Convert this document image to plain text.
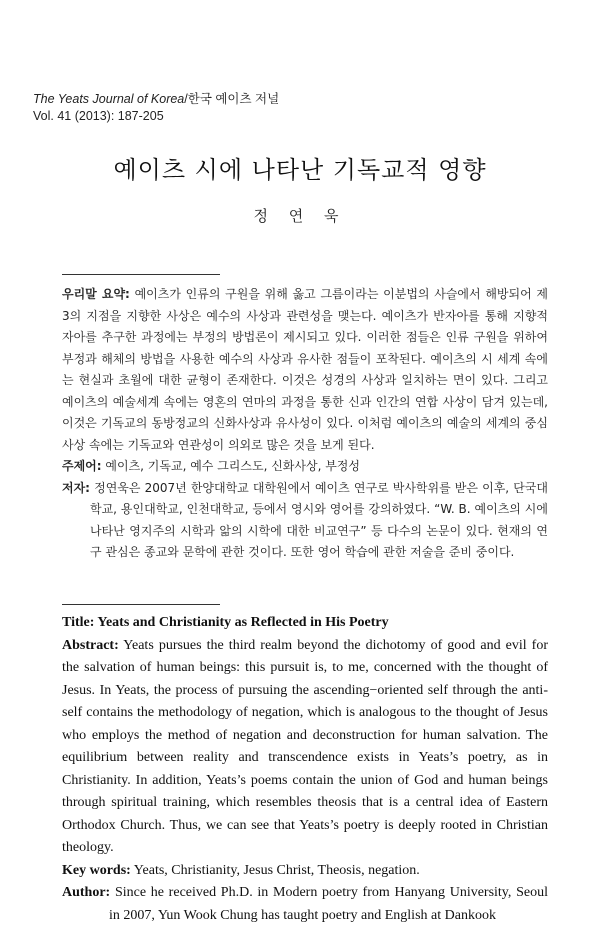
The Yeats Journal of Korea/한국 예이츠 저널
Vol. 41 (2013): 187-205
예이츠 시에 나타난 기독교적 영향
정 연 욱

우리말 요약: 예이츠가 인류의 구원을 위해 옳고 그름이라는 이분법의 사슬에서 해방되어 제 3의 지점을 지향한 사상은 예수의 사상과 관련성을 맺는다. 예이츠가 반자아를 통해 지향적 자아를 추구한 과정에는 부정의 방법론이 제시되고 있다. 이러한 점들은 인류 구원을 위하여 부정과 해체의 방법을 사용한 예수의 사상과 유사한 점들이 포착된다. 예이츠의 시 세계 속에는 현실과 초월에 대한 균형이 존재한다. 이것은 성경의 사상과 일치하는 면이 있다. 그리고 예이츠의 예술세계 속에는 영혼의 연마의 과정을 통한 신과 인간의 연합 사상이 담겨 있는데, 이것은 기독교의 동방정교의 신화사상과 유사성이 있다. 이처럼 예이츠의 예술의 세계의 중심사상 속에는 기독교와 연관성이 의외로 많은 것을 보게 된다.

주제어: 예이츠, 기독교, 예수 그리스도, 신화사상, 부정성

저자: 정연욱은 2007년 한양대학교 대학원에서 예이츠 연구로 박사학위를 받은 이후, 단국대학교, 용인대학교, 인천대학교, 등에서 영시와 영어를 강의하였다. “W. B. 예이츠의 시에 나타난 영지주의 시학과 앎의 시학에 대한 비교연구” 등 다수의 논문이 있다. 현재의 연구 관심은 종교와 문학에 관한 것이다. 또한 영어 학습에 관한 저술을 준비 중이다.

Title: Yeats and Christianity as Reflected in His Poetry

Abstract: Yeats pursues the third realm beyond the dichotomy of good and evil for the salvation of human beings: this pursuit is, to me, concerned with the thought of Jesus. In Yeats, the process of pursuing the ascending−oriented self through the anti-self contains the methodology of negation, which is analogous to the thought of Jesus who employs the method of negation and deconstruction for human salvation. The equilibrium between reality and transcendence exists in Yeats’s poetry, as in Christianity. In addition, Yeats’s poems contain the union of God and human beings through spiritual training, which resembles theosis that is a central idea of Eastern Orthodox Church. Thus, we can see that Yeats’s poetry is deeply rooted in Christian theology.

Key words: Yeats, Christianity, Jesus Christ, Theosis, negation.

Author: Since he received Ph.D. in Modern poetry from Hanyang University, Seoul in 2007, Yun Wook Chung has taught poetry and English at Dankook
